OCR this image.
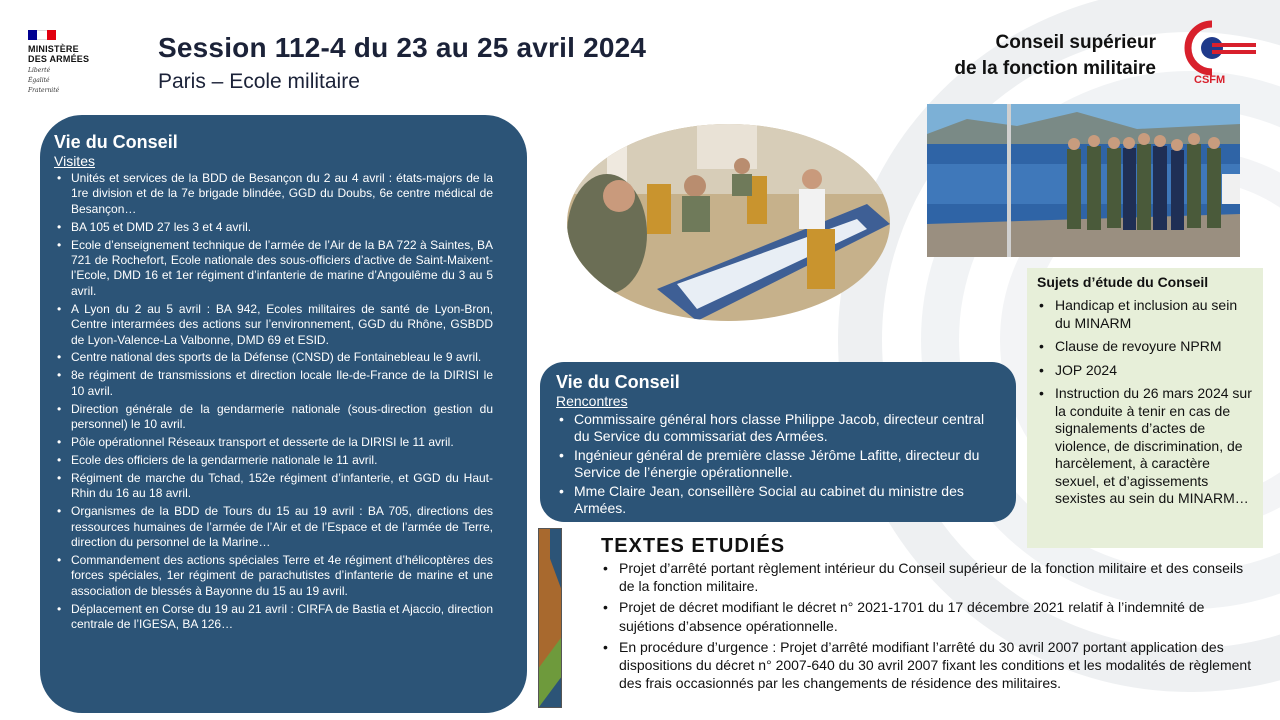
MINISTÈRE
DES ARMÉES
Liberté
Égalité
Fraternité
Session 112-4 du 23 au 25 avril 2024
Paris – Ecole militaire
Conseil supérieur
de la fonction militaire
CSFM
Vie du Conseil
Visites
• Unités et services de la BDD de Besançon du 2 au 4 avril : états-majors de la 1re division et de la 7e brigade blindée, GGD du Doubs, 6e centre médical de Besançon…
• BA 105 et DMD 27 les 3 et 4 avril.
• Ecole d’enseignement technique de l’armée de l’Air de la BA 722 à Saintes, BA 721 de Rochefort, Ecole nationale des sous-officiers d’active de Saint-Maixent-l’Ecole, DMD 16 et 1er régiment d’infanterie de marine d’Angoulême du 3 au 5 avril.
• A Lyon du 2 au 5 avril : BA 942, Ecoles militaires de santé de Lyon-Bron, Centre interarmées des actions sur l’environnement, GGD du Rhône, GSBDD de Lyon-Valence-La Valbonne, DMD 69 et ESID.
• Centre national des sports de la Défense (CNSD) de Fontainebleau le 9 avril.
• 8e régiment de transmissions et direction locale Ile-de-France de la DIRISI le 10 avril.
• Direction générale de la gendarmerie nationale (sous-direction gestion du personnel) le 10 avril.
• Pôle opérationnel Réseaux transport et desserte de la DIRISI le 11 avril.
• Ecole des officiers de la gendarmerie nationale le 11 avril.
• Régiment de marche du Tchad, 152e régiment d’infanterie, et GGD du Haut-Rhin du 16 au 18 avril.
• Organismes de la BDD de Tours du 15 au 19 avril : BA 705, directions des ressources humaines de l’armée de l’Air et de l’Espace et de l’armée de Terre, direction du personnel de la Marine…
• Commandement des actions spéciales Terre et 4e régiment d’hélicoptères des forces spéciales, 1er régiment de parachutistes d’infanterie de marine et une association de blessés à Bayonne du 15 au 19 avril.
• Déplacement en Corse du 19 au 21 avril : CIRFA de Bastia et Ajaccio, direction centrale de l’IGESA, BA 126…
Vie du Conseil
Rencontres
• Commissaire général hors classe Philippe Jacob, directeur central du Service du commissariat des Armées.
• Ingénieur général de première classe Jérôme Lafitte, directeur du Service de l’énergie opérationnelle.
• Mme Claire Jean, conseillère Social au cabinet du ministre des Armées.
Sujets d’étude du Conseil
• Handicap et inclusion au sein du MINARM
• Clause de revoyure NPRM
• JOP 2024
• Instruction du 26 mars 2024 sur la conduite à tenir en cas de signalements d’actes de violence, de discrimination, de harcèlement, à caractère sexuel, et d’agissements sexistes au sein du MINARM…
TEXTES ETUDIÉS
• Projet d’arrêté portant règlement intérieur du Conseil supérieur de la fonction militaire et des conseils de la fonction militaire.
• Projet de décret modifiant le décret n° 2021-1701 du 17 décembre 2021 relatif à l’indemnité de sujétions d’absence opérationnelle.
• En procédure d’urgence : Projet d’arrêté modifiant l’arrêté du 30 avril 2007 portant application des dispositions du décret n° 2007-640 du 30 avril 2007 fixant les conditions et les modalités de règlement des frais occasionnés par les changements de résidence des militaires.
